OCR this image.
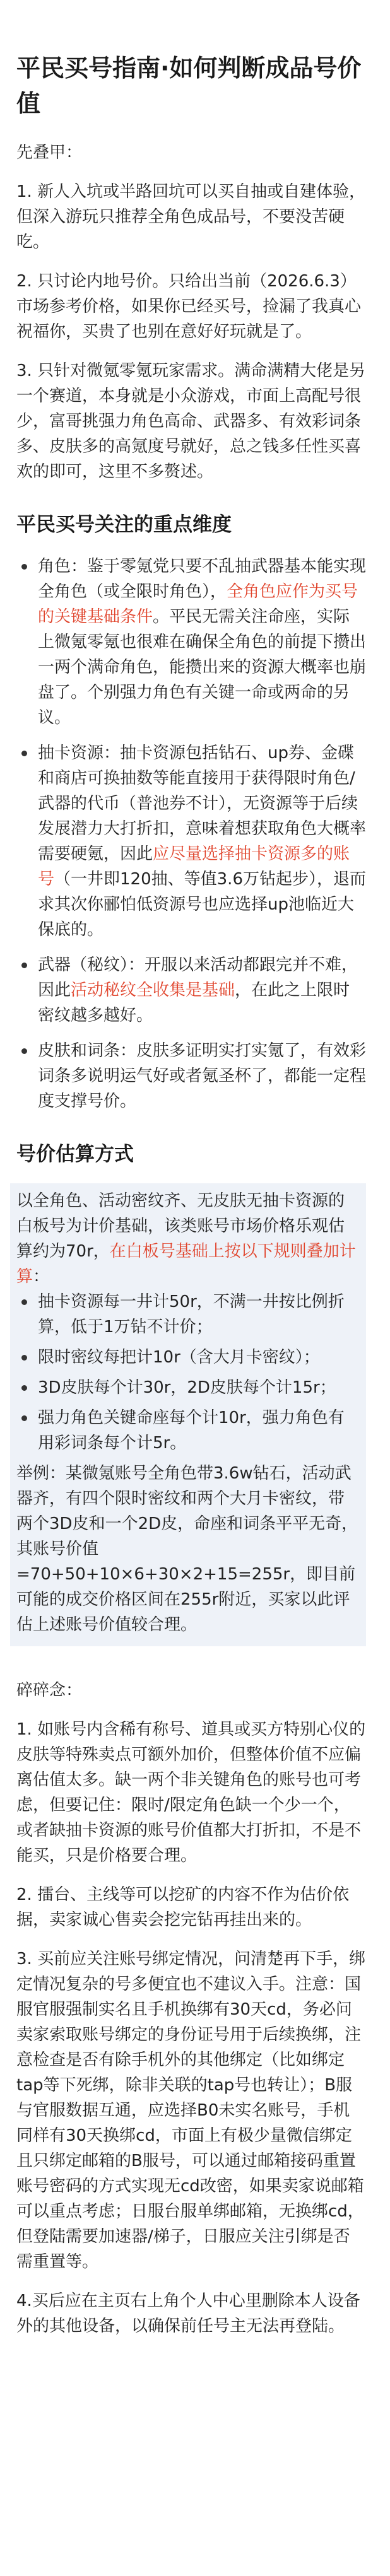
平民买号指南·如何判断成品号价值
先叠甲：
1. 新人入坑或半路回坑可以买自抽或自建体验，但深入游玩只推荐全角色成品号，不要没苦硬吃。
2. 只讨论内地号价。只给出当前（2026.6.3）市场参考价格，如果你已经买号，捡漏了我真心祝福你，买贵了也别在意好好玩就是了。
3. 只针对微氪零氪玩家需求。满命满精大佬是另一个赛道，本身就是小众游戏，市面上高配号很少，富哥挑强力角色高命、武器多、有效彩词条多、皮肤多的高氪度号就好，总之钱多任性买喜欢的即可，这里不多赘述。
平民买号关注的重点维度
角色：鉴于零氪党只要不乱抽武器基本能实现全角色（或全限时角色），全角色应作为买号的关键基础条件。平民无需关注命座，实际上微氪零氪也很难在确保全角色的前提下攒出一两个满命角色，能攒出来的资源大概率也崩盘了。个别强力角色有关键一命或两命的另议。
抽卡资源：抽卡资源包括钻石、up券、金碟和商店可换抽数等能直接用于获得限时角色/武器的代币（普池券不计），无资源等于后续发展潜力大打折扣，意味着想获取角色大概率需要硬氪，因此应尽量选择抽卡资源多的账号（一井即120抽、等值3.6万钻起步），退而求其次你郦怕低资源号也应选择up池临近大保底的。
武器（秘纹）：开服以来活动都跟完并不难，因此活动秘纹全收集是基础，在此之上限时密纹越多越好。
皮肤和词条：皮肤多证明实打实氪了，有效彩词条多说明运气好或者氪圣杯了，都能一定程度支撑号价。
号价估算方式
以全角色、活动密纹齐、无皮肤无抽卡资源的白板号为计价基础，该类账号市场价格乐观估算约为70r，在白板号基础上按以下规则叠加计算：
抽卡资源每一井计50r，不满一井按比例折算，低于1万钻不计价；
限时密纹每把计10r（含大月卡密纹）；
3D皮肤每个计30r，2D皮肤每个计15r；
强力角色关键命座每个计10r，强力角色有用彩词条每个计5r。
举例：某微氪账号全角色带3.6w钻石，活动武器齐，有四个限时密纹和两个大月卡密纹，带两个3D皮和一个2D皮，命座和词条平平无奇，其账号价值=70+50+10×6+30×2+15=255r，即目前可能的成交价格区间在255r附近，买家以此评估上述账号价值较合理。
碎碎念：
1. 如账号内含稀有称号、道具或买方特别心仪的皮肤等特殊卖点可额外加价，但整体价值不应偏离估值太多。缺一两个非关键角色的账号也可考虑，但要记住：限时/限定角色缺一个少一个，或者缺抽卡资源的账号价值都大打折扣，不是不能买，只是价格要合理。
2. 擂台、主线等可以挖矿的内容不作为估价依据，卖家诚心售卖会挖完钻再挂出来的。
3. 买前应关注账号绑定情况，问清楚再下手，绑定情况复杂的号多便宜也不建议入手。注意：国服官服强制实名且手机换绑有30天cd，务必问卖家索取账号绑定的身份证号用于后续换绑，注意检查是否有除手机外的其他绑定（比如绑定tap等下死绑，除非关联的tap号也转让）；B服与官服数据互通，应选择B0未实名账号，手机同样有30天换绑cd，市面上有极少量微信绑定且只绑定邮箱的B服号，可以通过邮箱接码重置账号密码的方式实现无cd改密，如果卖家说邮箱可以重点考虑；日服台服单绑邮箱，无换绑cd，但登陆需要加速器/梯子，日服应关注引绑是否需重置等。
4.买后应在主页右上角个人中心里删除本人设备外的其他设备，以确保前任号主无法再登陆。
